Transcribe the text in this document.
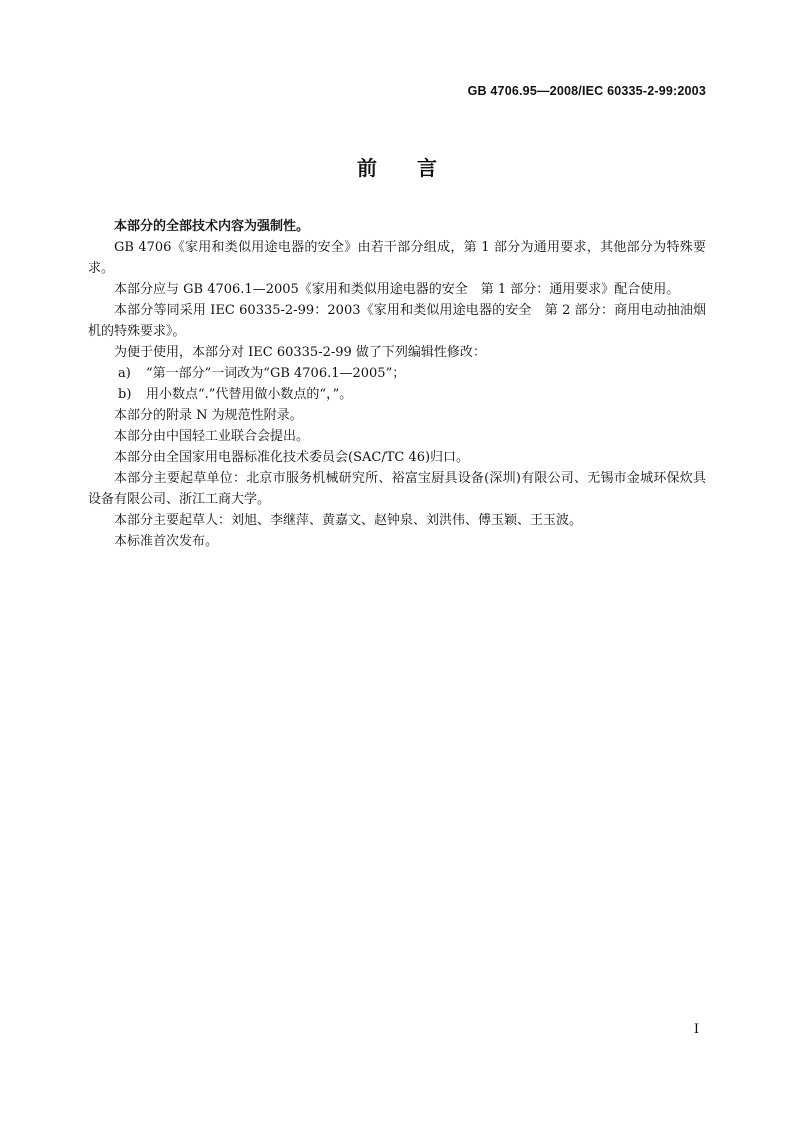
GB 4706.95—2008/IEC 60335-2-99:2003
前言

本部分的全部技术内容为强制性。

GB 4706《家用和类似用途电器的安全》由若干部分组成，第 1 部分为通用要求，其他部分为特殊要求。

本部分应与 GB 4706.1—2005《家用和类似用途电器的安全　第 1 部分：通用要求》配合使用。

本部分等同采用 IEC 60335-2-99：2003《家用和类似用途电器的安全　第 2 部分：商用电动抽油烟机的特殊要求》。

为便于使用，本部分对 IEC 60335-2-99 做了下列编辑性修改：

a) “第一部分”一词改为“GB 4706.1—2005”；

b) 用小数点“.”代替用做小数点的“，”。

本部分的附录 N 为规范性附录。

本部分由中国轻工业联合会提出。

本部分由全国家用电器标准化技术委员会(SAC/TC 46)归口。

本部分主要起草单位：北京市服务机械研究所、裕富宝厨具设备(深圳)有限公司、无锡市金城环保炊具设备有限公司、浙江工商大学。

本部分主要起草人：刘旭、李继萍、黄嘉文、赵钟泉、刘洪伟、傅玉颖、王玉波。

本标准首次发布。

I
